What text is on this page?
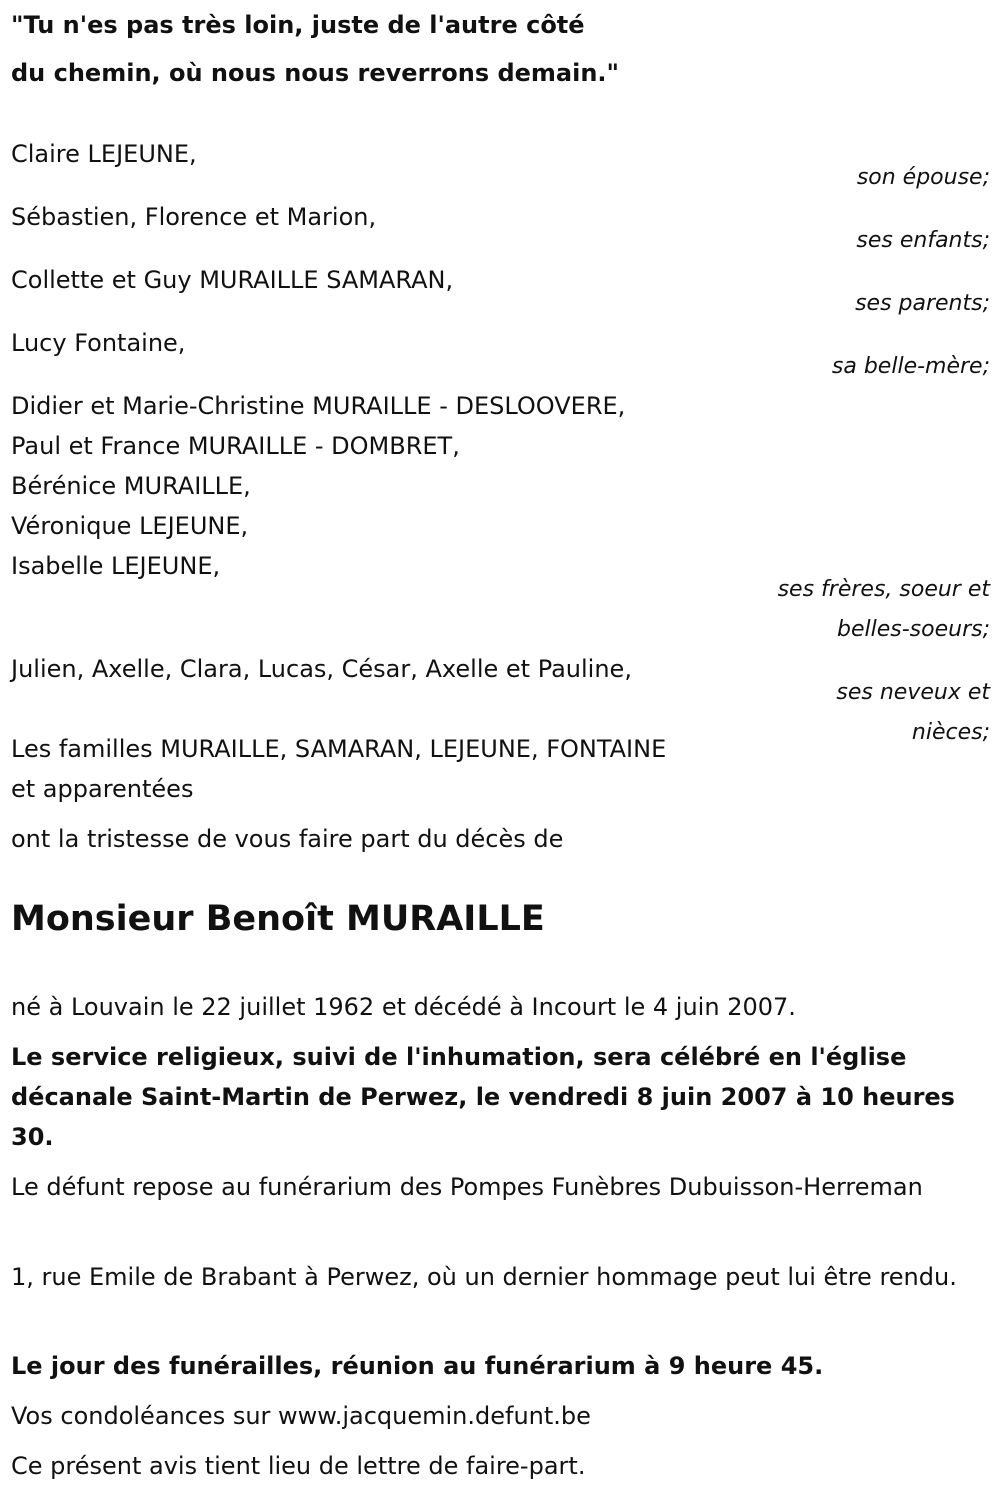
"Tu n'es pas très loin, juste de l'autre côté
du chemin, où nous nous reverrons demain."
Claire LEJEUNE,
son épouse;
Sébastien, Florence et Marion,
ses enfants;
Collette et Guy MURAILLE SAMARAN,
ses parents;
Lucy Fontaine,
sa belle-mère;
Didier et Marie-Christine MURAILLE - DESLOOVERE,
Paul et France MURAILLE - DOMBRET,
Bérénice MURAILLE,
Véronique LEJEUNE,
Isabelle LEJEUNE,
ses frères, soeur et
belles-soeurs;
Julien, Axelle, Clara, Lucas, César, Axelle et Pauline,
ses neveux et
nièces;
Les familles MURAILLE, SAMARAN, LEJEUNE, FONTAINE
et apparentées
ont la tristesse de vous faire part du décès de
Monsieur Benoît MURAILLE
né à Louvain le 22 juillet 1962 et décédé à Incourt le 4 juin 2007.
Le service religieux, suivi de l'inhumation, sera célébré en l'église décanale Saint-Martin de Perwez, le vendredi 8 juin 2007 à 10 heures 30.
Le défunt repose au funérarium des Pompes Funèbres Dubuisson-Herreman
1, rue Emile de Brabant à Perwez, où un dernier hommage peut lui être rendu.
Le jour des funérailles, réunion au funérarium à 9 heure 45.
Vos condoléances sur www.jacquemin.defunt.be
Ce présent avis tient lieu de lettre de faire-part.
